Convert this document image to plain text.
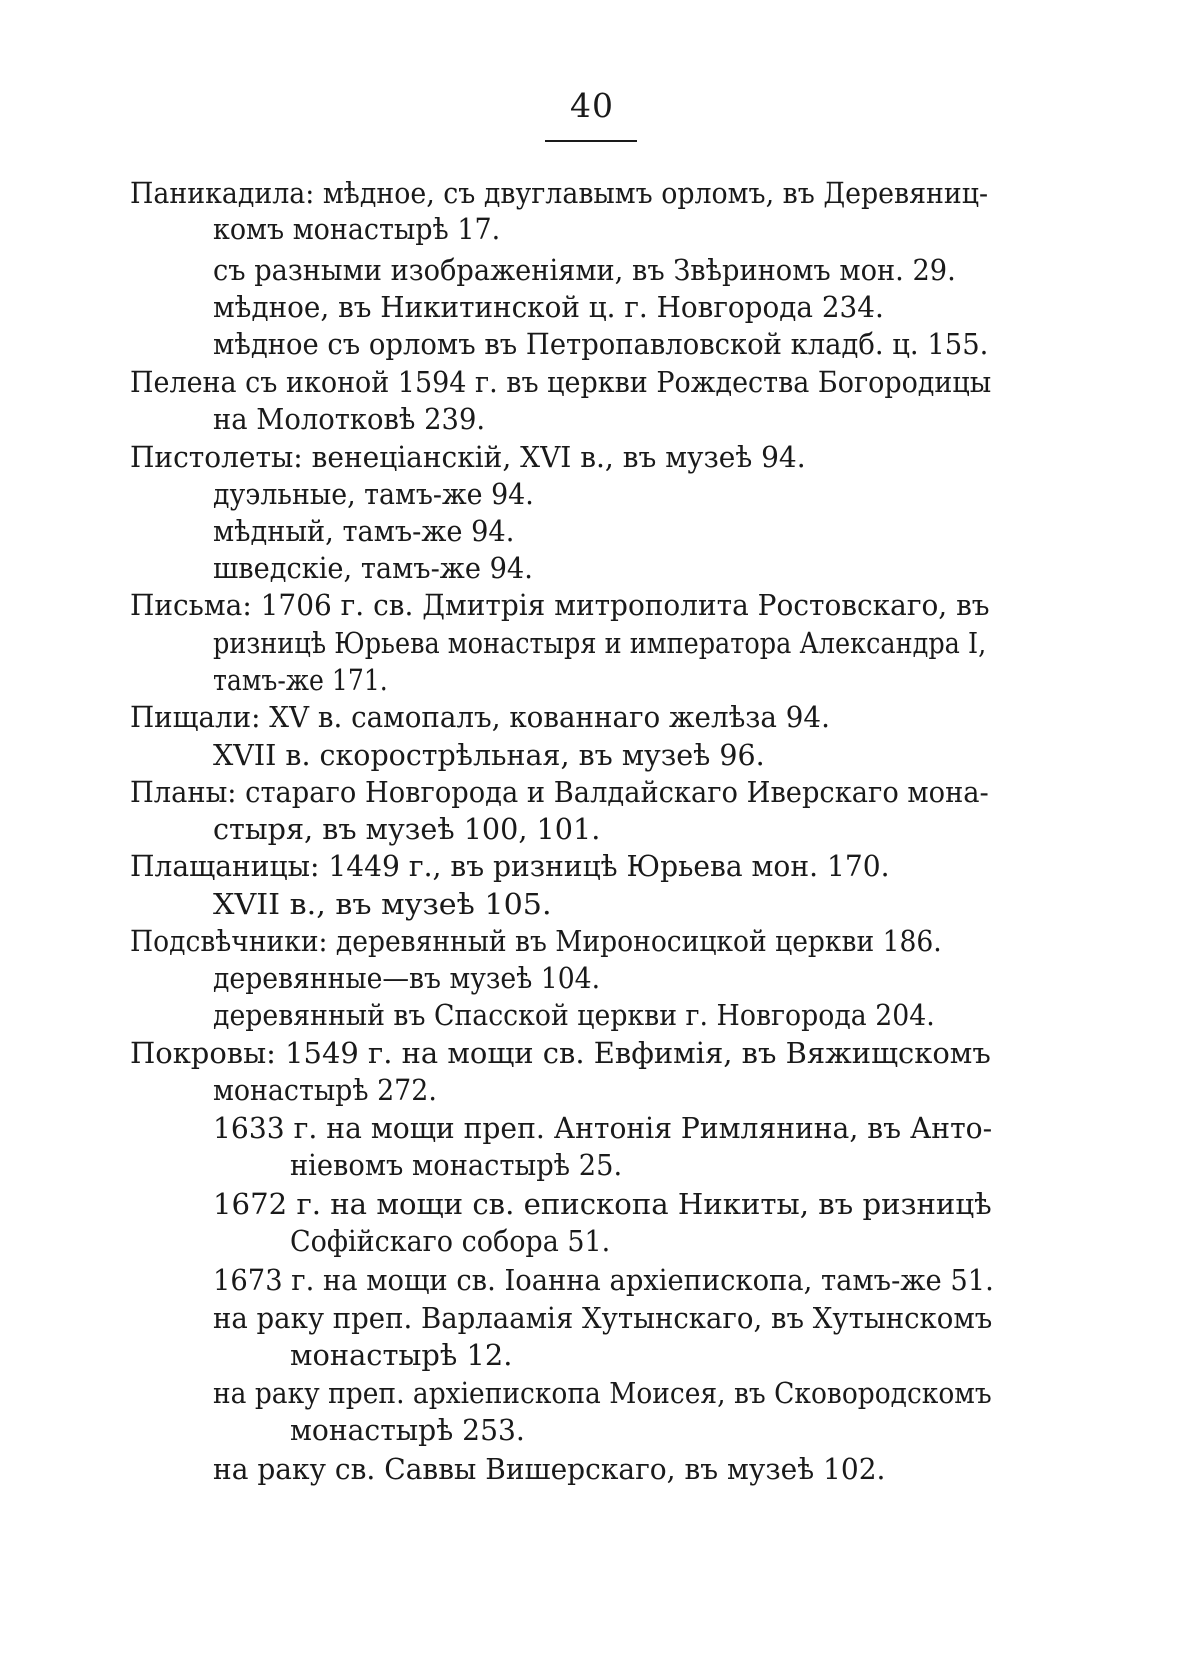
40
Паникадила: мѣдное, съ двуглавымъ орломъ, въ Деревяниц-
комъ монастырѣ 17.
съ разными изображеніями, въ Звѣриномъ мон. 29.
мѣдное, въ Никитинской ц. г. Новгорода 234.
мѣдное съ орломъ въ Петропавловской кладб. ц. 155.
Пелена съ иконой 1594 г. въ церкви Рождества Богородицы
на Молотковѣ 239.
Пистолеты: венеціанскій, XVI в., въ музеѣ 94.
дуэльные, тамъ-же 94.
мѣдный, тамъ-же 94.
шведскіе, тамъ-же 94.
Письма: 1706 г. св. Дмитрія митрополита Ростовскаго, въ
ризницѣ Юрьева монастыря и императора Александра I,
тамъ-же 171.
Пищали: XV в. самопалъ, кованнаго желѣза 94.
XVII в. скорострѣльная, въ музеѣ 96.
Планы: стараго Новгорода и Валдайскаго Иверскаго мона-
стыря, въ музеѣ 100, 101.
Плащаницы: 1449 г., въ ризницѣ Юрьева мон. 170.
XVII в., въ музеѣ 105.
Подсвѣчники: деревянный въ Мироносицкой церкви 186.
деревянные—въ музеѣ 104.
деревянный въ Спасской церкви г. Новгорода 204.
Покровы: 1549 г. на мощи св. Евфимія, въ Вяжищскомъ
монастырѣ 272.
1633 г. на мощи преп. Антонія Римлянина, въ Анто-
ніевомъ монастырѣ 25.
1672 г. на мощи св. епископа Никиты, въ ризницѣ
Софійскаго собора 51.
1673 г. на мощи св. Іоанна архіепископа, тамъ-же 51.
на раку преп. Варлаамія Хутынскаго, въ Хутынскомъ
монастырѣ 12.
на раку преп. архіепископа Моисея, въ Сковородскомъ
монастырѣ 253.
на раку св. Саввы Вишерскаго, въ музеѣ 102.
